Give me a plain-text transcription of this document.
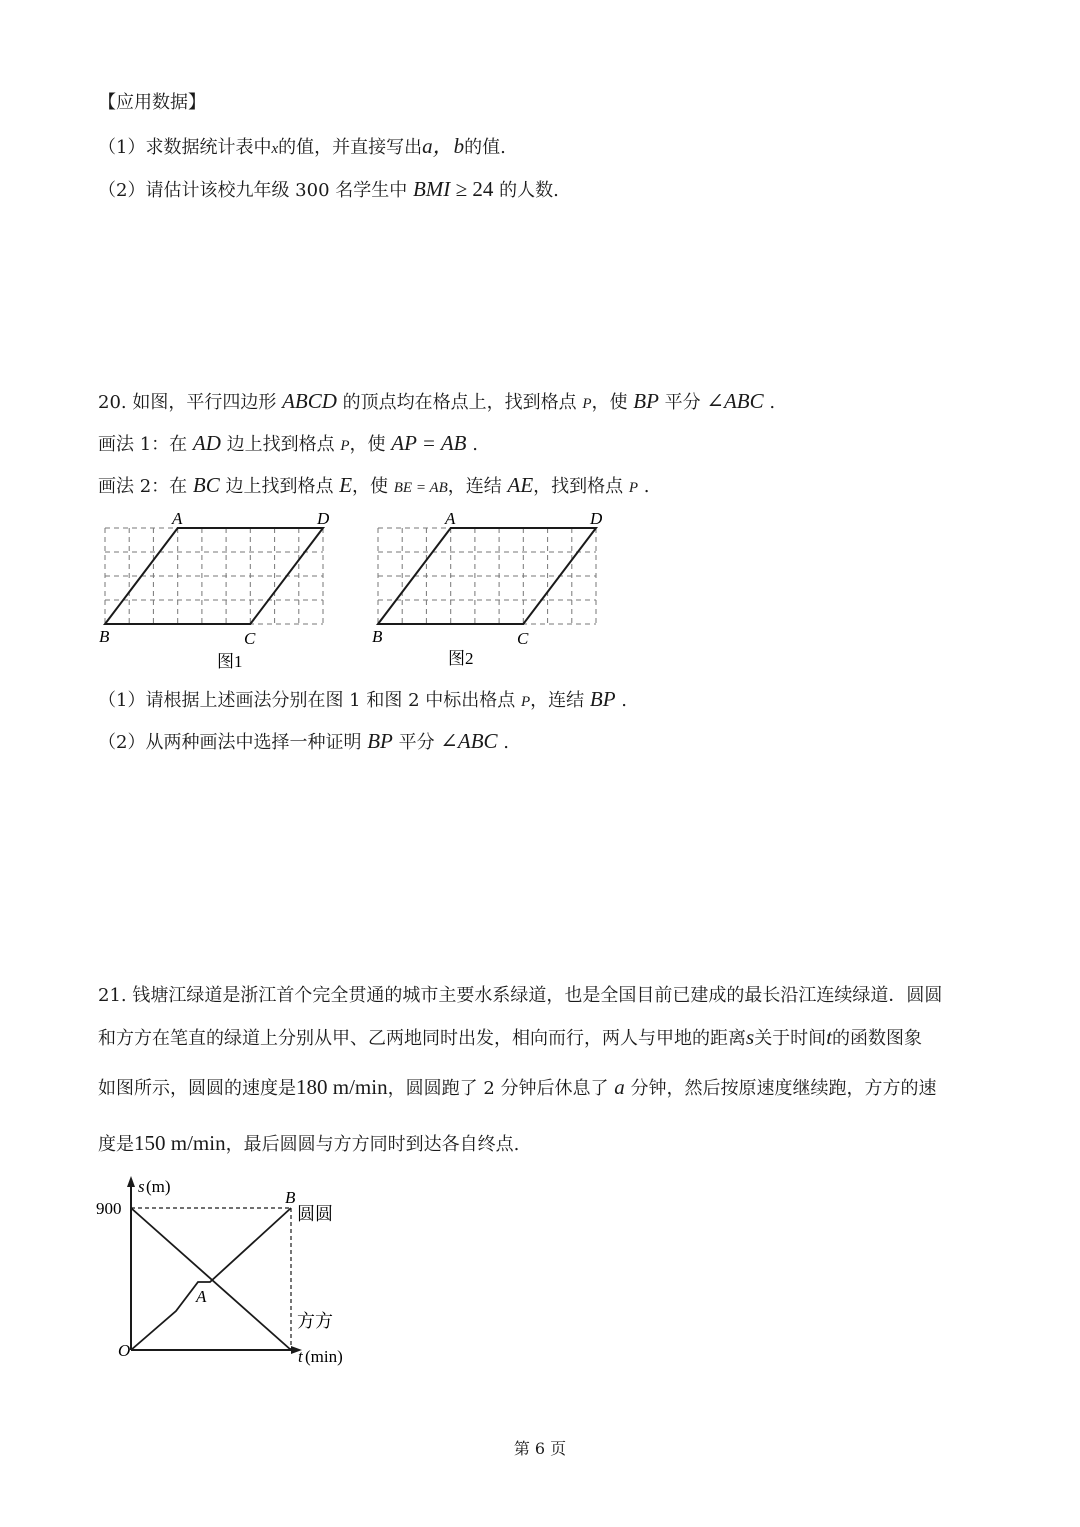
【应用数据】
（1）求数据统计表中x的值，并直接写出a，b的值.
（2）请估计该校九年级 300 名学生中 BMI ≥ 24 的人数.
20. 如图，平行四边形 ABCD 的顶点均在格点上，找到格点 P，使 BP 平分 ∠ABC .
画法 1：在 AD 边上找到格点 P，使 AP = AB .
画法 2：在 BC 边上找到格点 E，使 BE = AB，连结 AE，找到格点 P .
A	D
B	C
图1
A	D
B	C
图2
（1）请根据上述画法分别在图 1 和图 2 中标出格点 P，连结 BP .
（2）从两种画法中选择一种证明 BP 平分 ∠ABC .
21. 钱塘江绿道是浙江首个完全贯通的城市主要水系绿道，也是全国目前已建成的最长沿江连续绿道．圆圆
和方方在笔直的绿道上分别从甲、乙两地同时出发，相向而行，两人与甲地的距离s关于时间t的函数图象
如图所示，圆圆的速度是180 m/min，圆圆跑了 2 分钟后休息了 a 分钟，然后按原速度继续跑，方方的速
度是150 m/min，最后圆圆与方方同时到达各自终点.
s (m)
900
O	t (min)
A
B
圆圆
方方
第 6 页
